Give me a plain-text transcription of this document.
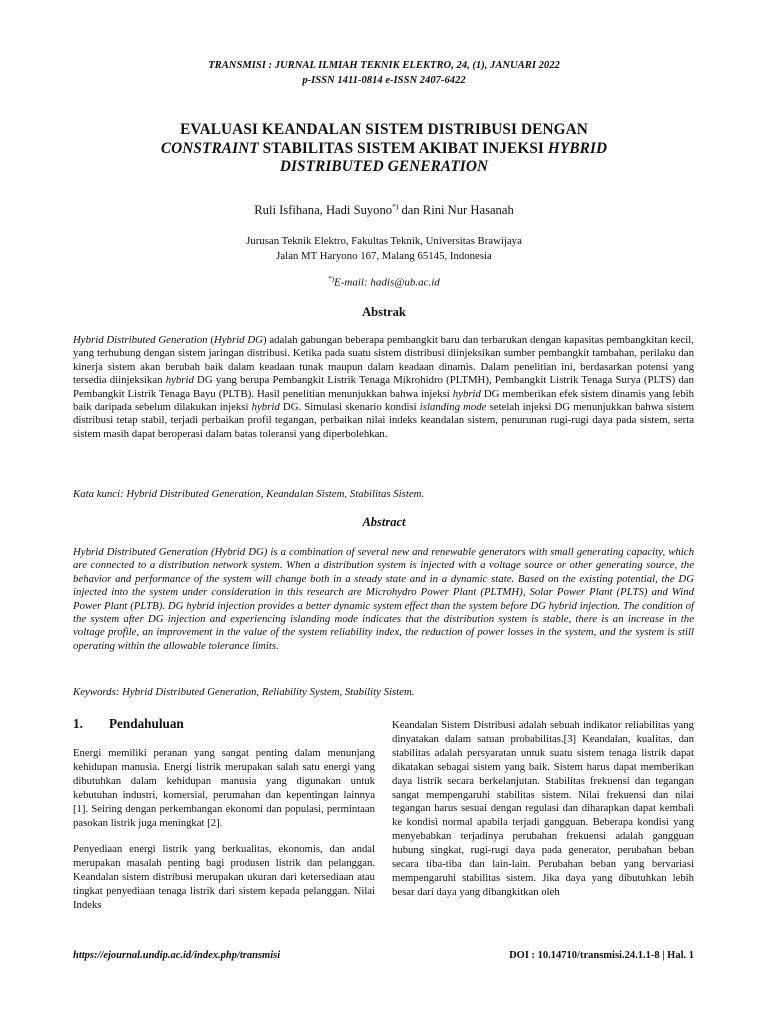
TRANSMISI : JURNAL ILMIAH TEKNIK ELEKTRO, 24, (1), JANUARI 2022
p-ISSN 1411-0814 e-ISSN 2407-6422
EVALUASI KEANDALAN SISTEM DISTRIBUSI DENGAN
CONSTRAINT STABILITAS SISTEM AKIBAT INJEKSI HYBRID
DISTRIBUTED GENERATION
Ruli Isfihana, Hadi Suyono*) dan Rini Nur Hasanah
Jurusan Teknik Elektro, Fakultas Teknik, Universitas Brawijaya
Jalan MT Haryono 167, Malang 65145, Indonesia
*)E-mail: hadis@ub.ac.id
Abstrak
Hybrid Distributed Generation (Hybrid DG) adalah gabungan beberapa pembangkit baru dan terbarukan dengan kapasitas pembangkitan kecil, yang terhubung dengan sistem jaringan distribusi. Ketika pada suatu sistem distribusi diinjeksikan sumber pembangkit tambahan, perilaku dan kinerja sistem akan berubah baik dalam keadaan tunak maupun dalam keadaan dinamis. Dalam penelitian ini, berdasarkan potensi yang tersedia diinjeksikan hybrid DG yang berupa Pembangkit Listrik Tenaga Mikrohidro (PLTMH), Pembangkit Listrik Tenaga Surya (PLTS) dan Pembangkit Listrik Tenaga Bayu (PLTB). Hasil penelitian menunjukkan bahwa injeksi hybrid DG memberikan efek sistem dinamis yang lebih baik daripada sebelum dilakukan injeksi hybrid DG. Simulasi skenario kondisi islanding mode setelah injeksi DG menunjukkan bahwa sistem distribusi tetap stabil, terjadi perbaikan profil tegangan, perbaikan nilai indeks keandalan sistem, penurunan rugi-rugi daya pada sistem, serta sistem masih dapat beroperasi dalam batas toleransi yang diperbolehkan.
Kata kunci: Hybrid Distributed Generation, Keandalan Sistem, Stabilitas Sistem.
Abstract
Hybrid Distributed Generation (Hybrid DG) is a combination of several new and renewable generators with small generating capacity, which are connected to a distribution network system. When a distribution system is injected with a voltage source or other generating source, the behavior and performance of the system will change both in a steady state and in a dynamic state. Based on the existing potential, the DG injected into the system under consideration in this research are Microhydro Power Plant (PLTMH), Solar Power Plant (PLTS) and Wind Power Plant (PLTB). DG hybrid injection provides a better dynamic system effect than the system before DG hybrid injection. The condition of the system after DG injection and experiencing islanding mode indicates that the distribution system is stable, there is an increase in the voltage profile, an improvement in the value of the system reliability index, the reduction of power losses in the system, and the system is still operating within the allowable tolerance limits.
Keywords: Hybrid Distributed Generation, Reliability System, Stability Sistem.
1. Pendahuluan

Energi memiliki peranan yang sangat penting dalam menunjang kehidupan manusia. Energi listrik merupakan salah satu energi yang dibutuhkan dalam kehidupan manusia yang digunakan untuk kebutuhan industri, komersial, perumahan dan kepentingan lainnya [1]. Seiring dengan perkembangan ekonomi dan populasi, permintaan pasokan listrik juga meningkat [2].

Penyediaan energi listrik yang berkualitas, ekonomis, dan andal merupakan masalah penting bagi produsen listrik dan pelanggan. Keandalan sistem distribusi merupakan ukuran dari ketersediaan atau tingkat penyediaan tenaga listrik dari sistem kepada pelanggan. Nilai Indeks

Keandalan Sistem Distribusi adalah sebuah indikator reliabilitas yang dinyatakan dalam satuan probabilitas.[3] Keandalan, kualitas, dan stabilitas adalah persyaratan untuk suatu sistem tenaga listrik dapat dikatakan sebagai sistem yang baik. Sistem harus dapat memberikan daya listrik secara berkelanjutan. Stabilitas frekuensi dan tegangan sangat mempengaruhi stabilitas sistem. Nilai frekuensi dan nilai tegangan harus sesuai dengan regulasi dan diharapkan dapat kembali ke kondisi normal apabila terjadi gangguan. Beberapa kondisi yang menyebabkan terjadinya perubahan frekuensi adalah gangguan hubung singkat, rugi-rugi daya pada generator, perubahan beban secara tiba-tiba dan lain-lain. Perubahan beban yang bervariasi mempengaruhi stabilitas sistem. Jika daya yang dibutuhkan lebih besar dari daya yang dibangkitkan oleh

https://ejournal.undip.ac.id/index.php/transmisi	DOI : 10.14710/transmisi.24.1.1-8 | Hal. 1
